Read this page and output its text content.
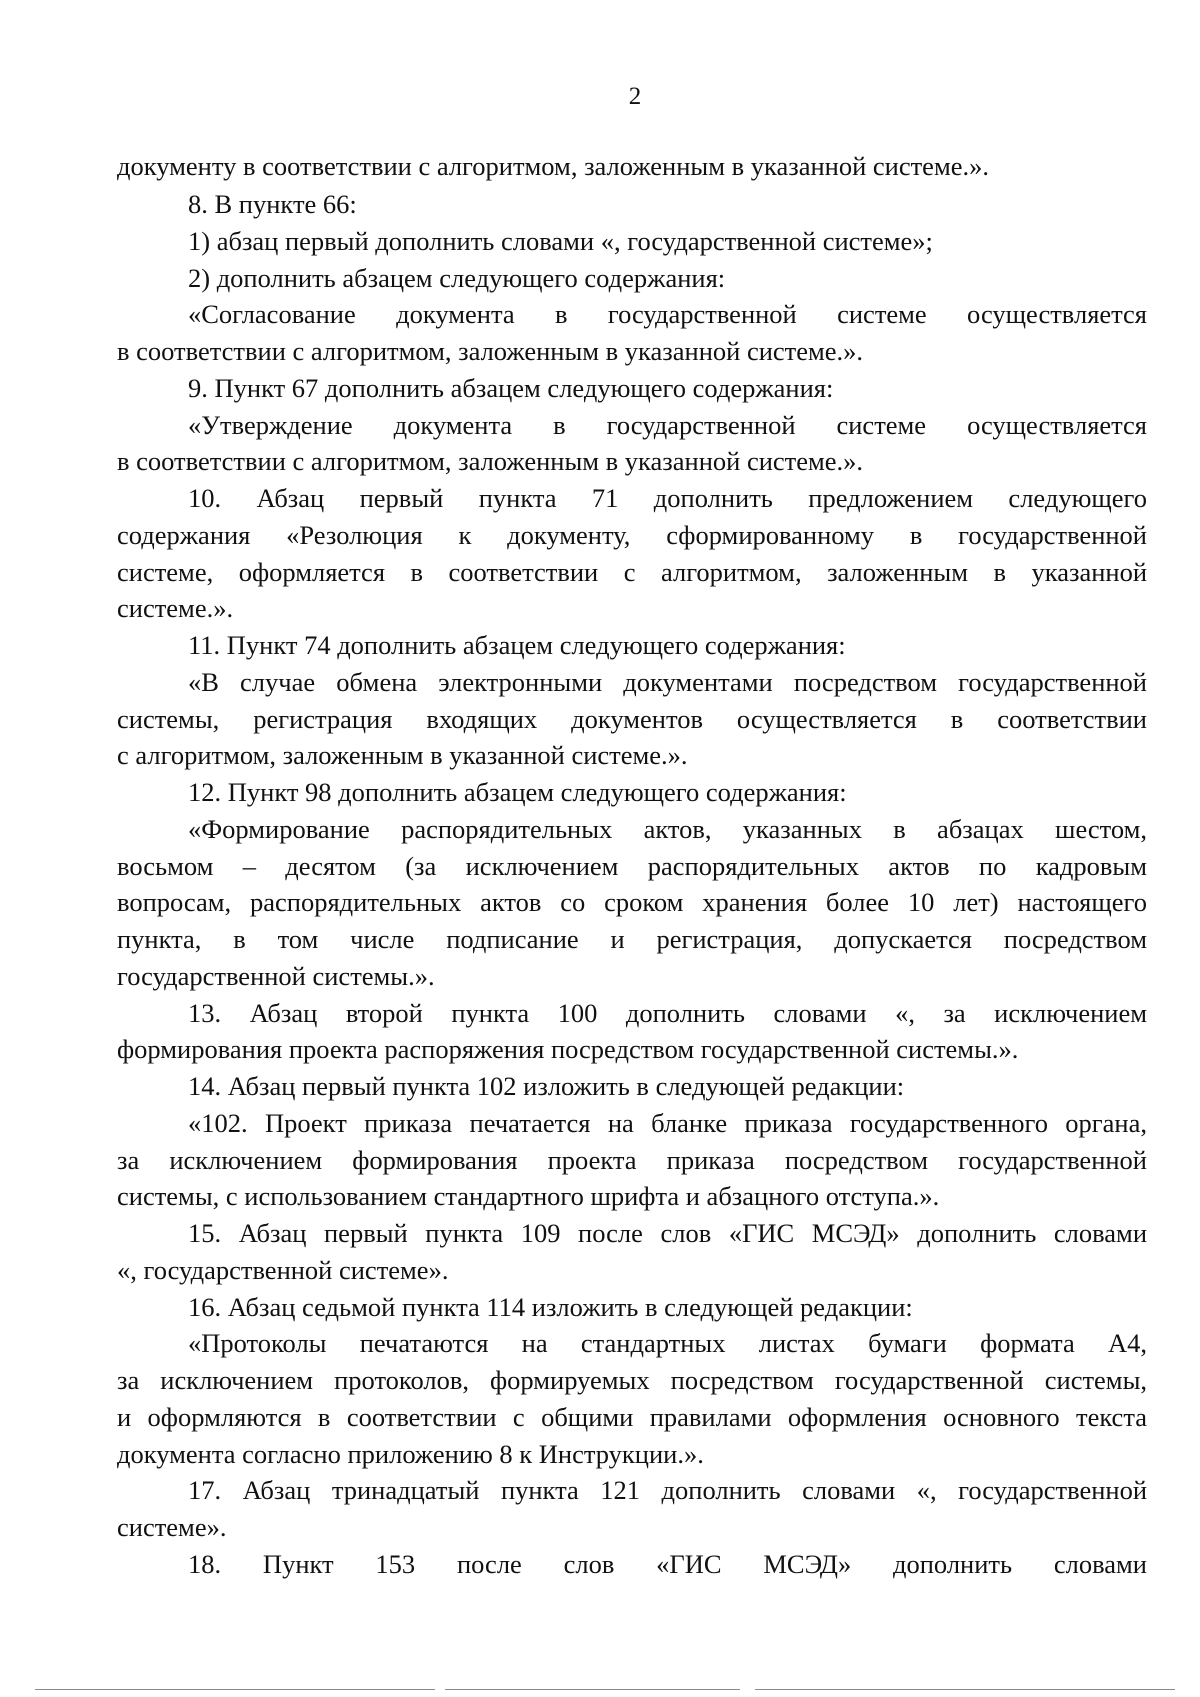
2
документу в соответствии с алгоритмом, заложенным в указанной системе.».
8. В пункте 66:
1) абзац первый дополнить словами «, государственной системе»;
2) дополнить абзацем следующего содержания:
«Согласование документа в государственной системе осуществляется
в соответствии с алгоритмом, заложенным в указанной системе.».
9. Пункт 67 дополнить абзацем следующего содержания:
«Утверждение документа в государственной системе осуществляется
в соответствии с алгоритмом, заложенным в указанной системе.».
10. Абзац первый пункта 71 дополнить предложением следующего
содержания «Резолюция к документу, сформированному в государственной
системе, оформляется в соответствии с алгоритмом, заложенным в указанной
системе.».
11. Пункт 74 дополнить абзацем следующего содержания:
«В случае обмена электронными документами посредством государственной
системы, регистрация входящих документов осуществляется в соответствии
с алгоритмом, заложенным в указанной системе.».
12. Пункт 98 дополнить абзацем следующего содержания:
«Формирование распорядительных актов, указанных в абзацах шестом,
восьмом – десятом (за исключением распорядительных актов по кадровым
вопросам, распорядительных актов со сроком хранения более 10 лет) настоящего
пункта, в том числе подписание и регистрация, допускается посредством
государственной системы.».
13. Абзац второй пункта 100 дополнить словами «, за исключением
формирования проекта распоряжения посредством государственной системы.».
14. Абзац первый пункта 102 изложить в следующей редакции:
«102. Проект приказа печатается на бланке приказа государственного органа,
за исключением формирования проекта приказа посредством государственной
системы, с использованием стандартного шрифта и абзацного отступа.».
15. Абзац первый пункта 109 после слов «ГИС МСЭД» дополнить словами
«, государственной системе».
16. Абзац седьмой пункта 114 изложить в следующей редакции:
«Протоколы печатаются на стандартных листах бумаги формата А4,
за исключением протоколов, формируемых посредством государственной системы,
и оформляются в соответствии с общими правилами оформления основного текста
документа согласно приложению 8 к Инструкции.».
17. Абзац тринадцатый пункта 121 дополнить словами «, государственной
системе».
18. Пункт 153 после слов «ГИС МСЭД» дополнить словами
